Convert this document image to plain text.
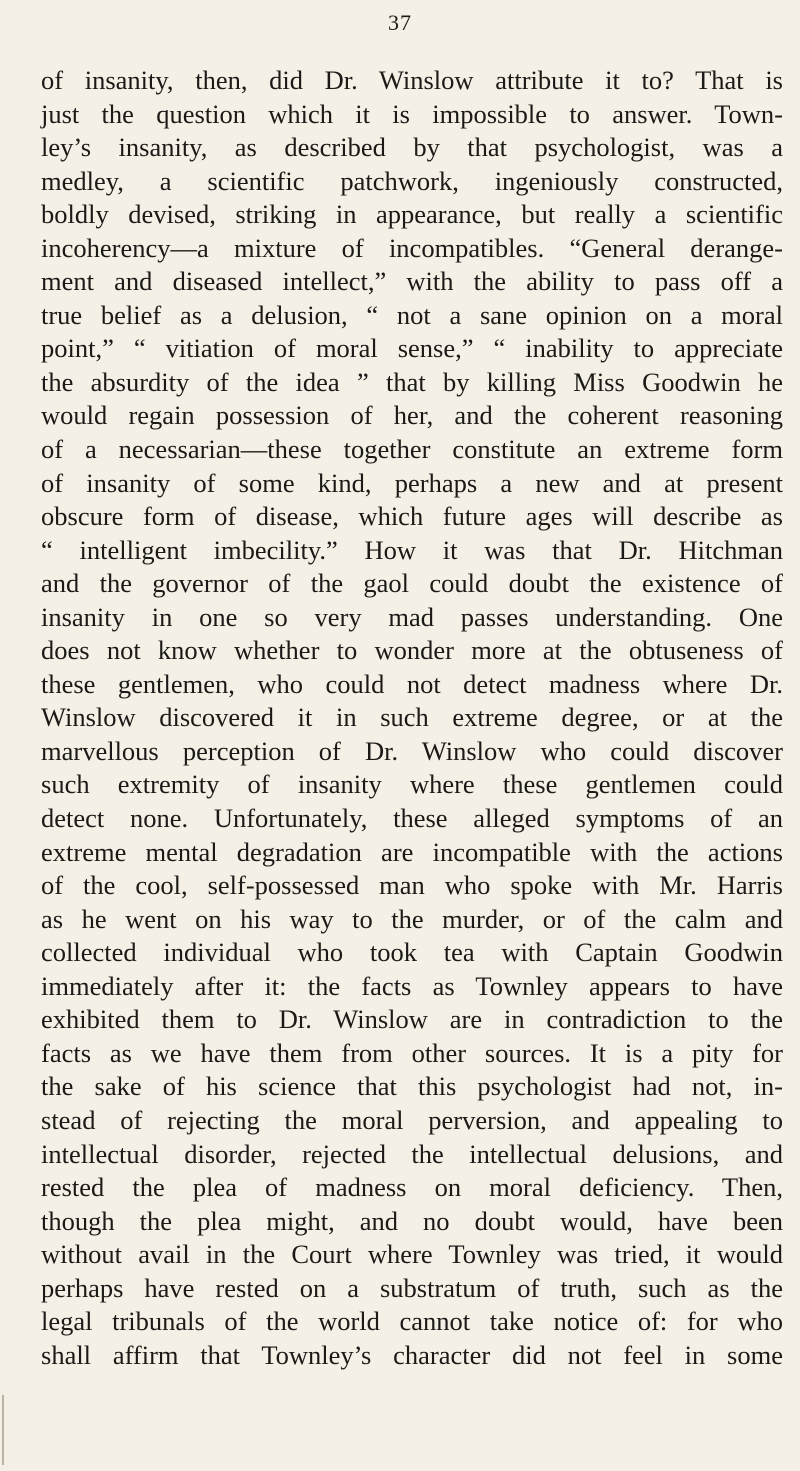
37
of insanity, then, did Dr. Winslow attribute it to? That is
just the question which it is impossible to answer. Town-
ley’s insanity, as described by that psychologist, was a
medley, a scientific patchwork, ingeniously constructed,
boldly devised, striking in appearance, but really a scientific
incoherency—a mixture of incompatibles. “General derange-
ment and diseased intellect,” with the ability to pass off a
true belief as a delusion, “ not a sane opinion on a moral
point,” “ vitiation of moral sense,” “ inability to appreciate
the absurdity of the idea ” that by killing Miss Goodwin he
would regain possession of her, and the coherent reasoning
of a necessarian—these together constitute an extreme form
of insanity of some kind, perhaps a new and at present
obscure form of disease, which future ages will describe as
“ intelligent imbecility.” How it was that Dr. Hitchman
and the governor of the gaol could doubt the existence of
insanity in one so very mad passes understanding. One
does not know whether to wonder more at the obtuseness of
these gentlemen, who could not detect madness where Dr.
Winslow discovered it in such extreme degree, or at the
marvellous perception of Dr. Winslow who could discover
such extremity of insanity where these gentlemen could
detect none. Unfortunately, these alleged symptoms of an
extreme mental degradation are incompatible with the actions
of the cool, self-possessed man who spoke with Mr. Harris
as he went on his way to the murder, or of the calm and
collected individual who took tea with Captain Goodwin
immediately after it: the facts as Townley appears to have
exhibited them to Dr. Winslow are in contradiction to the
facts as we have them from other sources. It is a pity for
the sake of his science that this psychologist had not, in-
stead of rejecting the moral perversion, and appealing to
intellectual disorder, rejected the intellectual delusions, and
rested the plea of madness on moral deficiency. Then,
though the plea might, and no doubt would, have been
without avail in the Court where Townley was tried, it would
perhaps have rested on a substratum of truth, such as the
legal tribunals of the world cannot take notice of: for who
shall affirm that Townley’s character did not feel in some
